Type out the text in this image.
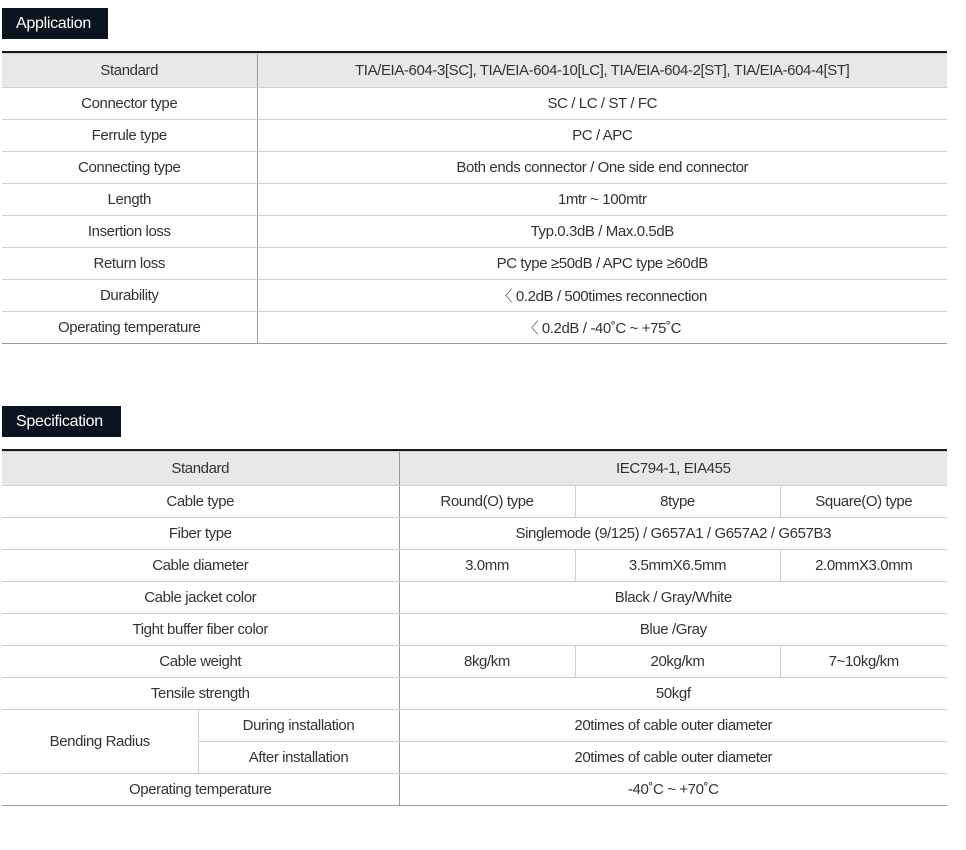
Application
Standard	TIA/EIA-604-3[SC], TIA/EIA-604-10[LC], TIA/EIA-604-2[ST], TIA/EIA-604-4[ST]
Connector type	SC / LC / ST / FC
Ferrule type	PC / APC
Connecting type	Both ends connector / One side end connector
Length	1mtr ~ 100mtr
Insertion loss	Typ.0.3dB / Max.0.5dB
Return loss	PC type ≥50dB / APC type ≥60dB
Durability	〈 0.2dB / 500times reconnection
Operating temperature	〈 0.2dB / -40˚C ~ +75˚C
Specification
Standard		IEC794-1, EIA455		
Cable type		Round(O) type	8type	Square(O) type
Fiber type		Singlemode (9/125) / G657A1 / G657A2 / G657B3		
Cable diameter		3.0mm	3.5mmX6.5mm	2.0mmX3.0mm
Cable jacket color		Black / Gray/White		
Tight buffer fiber color		Blue /Gray		
Cable weight		8kg/km	20kg/km	7~10kg/km
Tensile strength		50kgf		
Bending Radius	During installation	20times of cable outer diameter		
	After installation	20times of cable outer diameter		
Operating temperature		-40˚C ~ +70˚C		
